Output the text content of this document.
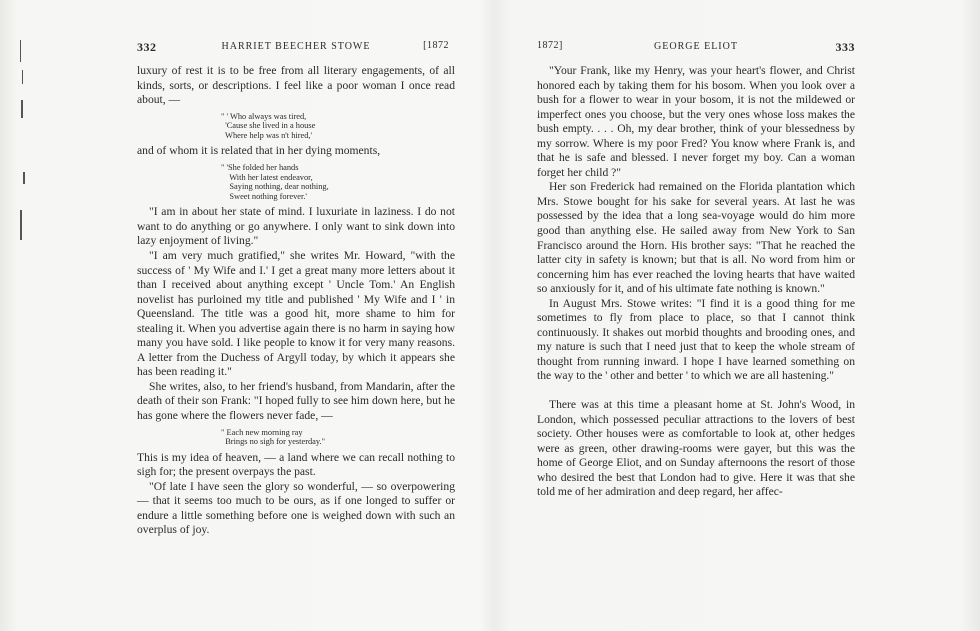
332	HARRIET BEECHER STOWE	[1872

luxury of rest it is to be free from all literary engagements, of all kinds, sorts, or descriptions. I feel like a poor woman I once read about, —

" ' Who always was tired,
'Cause she lived in a house
Where help was n't hired,'

and of whom it is related that in her dying moments,

" 'She folded her hands
With her latest endeavor,
Saying nothing, dear nothing,
Sweet nothing forever.'

"I am in about her state of mind. I luxuriate in laziness. I do not want to do anything or go anywhere. I only want to sink down into lazy enjoyment of living."

"I am very much gratified," she writes Mr. Howard, "with the success of ' My Wife and I.' I get a great many more letters about it than I received about anything except ' Uncle Tom.' An English novelist has purloined my title and published ' My Wife and I ' in Queensland. The title was a good hit, more shame to him for stealing it. When you advertise again there is no harm in saying how many you have sold. I like people to know it for very many reasons. A letter from the Duchess of Argyll today, by which it appears she has been reading it."

She writes, also, to her friend's husband, from Mandarin, after the death of their son Frank: "I hoped fully to see him down here, but he has gone where the flowers never fade, —

" Each new morning ray
Brings no sigh for yesterday."

This is my idea of heaven, — a land where we can recall nothing to sigh for; the present overpays the past.

"Of late I have seen the glory so wonderful, — so overpowering — that it seems too much to be ours, as if one longed to suffer or endure a little something before one is weighed down with such an overplus of joy.

1872]	GEORGE ELIOT	333

"Your Frank, like my Henry, was your heart's flower, and Christ honored each by taking them for his bosom. When you look over a bush for a flower to wear in your bosom, it is not the mildewed or imperfect ones you choose, but the very ones whose loss makes the bush empty. . . . Oh, my dear brother, think of your blessedness by my sorrow. Where is my poor Fred? You know where Frank is, and that he is safe and blessed. I never forget my boy. Can a woman forget her child ?"

Her son Frederick had remained on the Florida plantation which Mrs. Stowe bought for his sake for several years. At last he was possessed by the idea that a long sea-voyage would do him more good than anything else. He sailed away from New York to San Francisco around the Horn. His brother says: "That he reached the latter city in safety is known; but that is all. No word from him or concerning him has ever reached the loving hearts that have waited so anxiously for it, and of his ultimate fate nothing is known."

In August Mrs. Stowe writes: "I find it is a good thing for me sometimes to fly from place to place, so that I cannot think continuously. It shakes out morbid thoughts and brooding ones, and my nature is such that I need just that to keep the whole stream of thought from running inward. I hope I have learned something on the way to the ' other and better ' to which we are all hastening."

There was at this time a pleasant home at St. John's Wood, in London, which possessed peculiar attractions to the lovers of best society. Other houses were as comfortable to look at, other hedges were as green, other drawing-rooms were gayer, but this was the home of George Eliot, and on Sunday afternoons the resort of those who desired the best that London had to give. Here it was that she told me of her admiration and deep regard, her affec-
